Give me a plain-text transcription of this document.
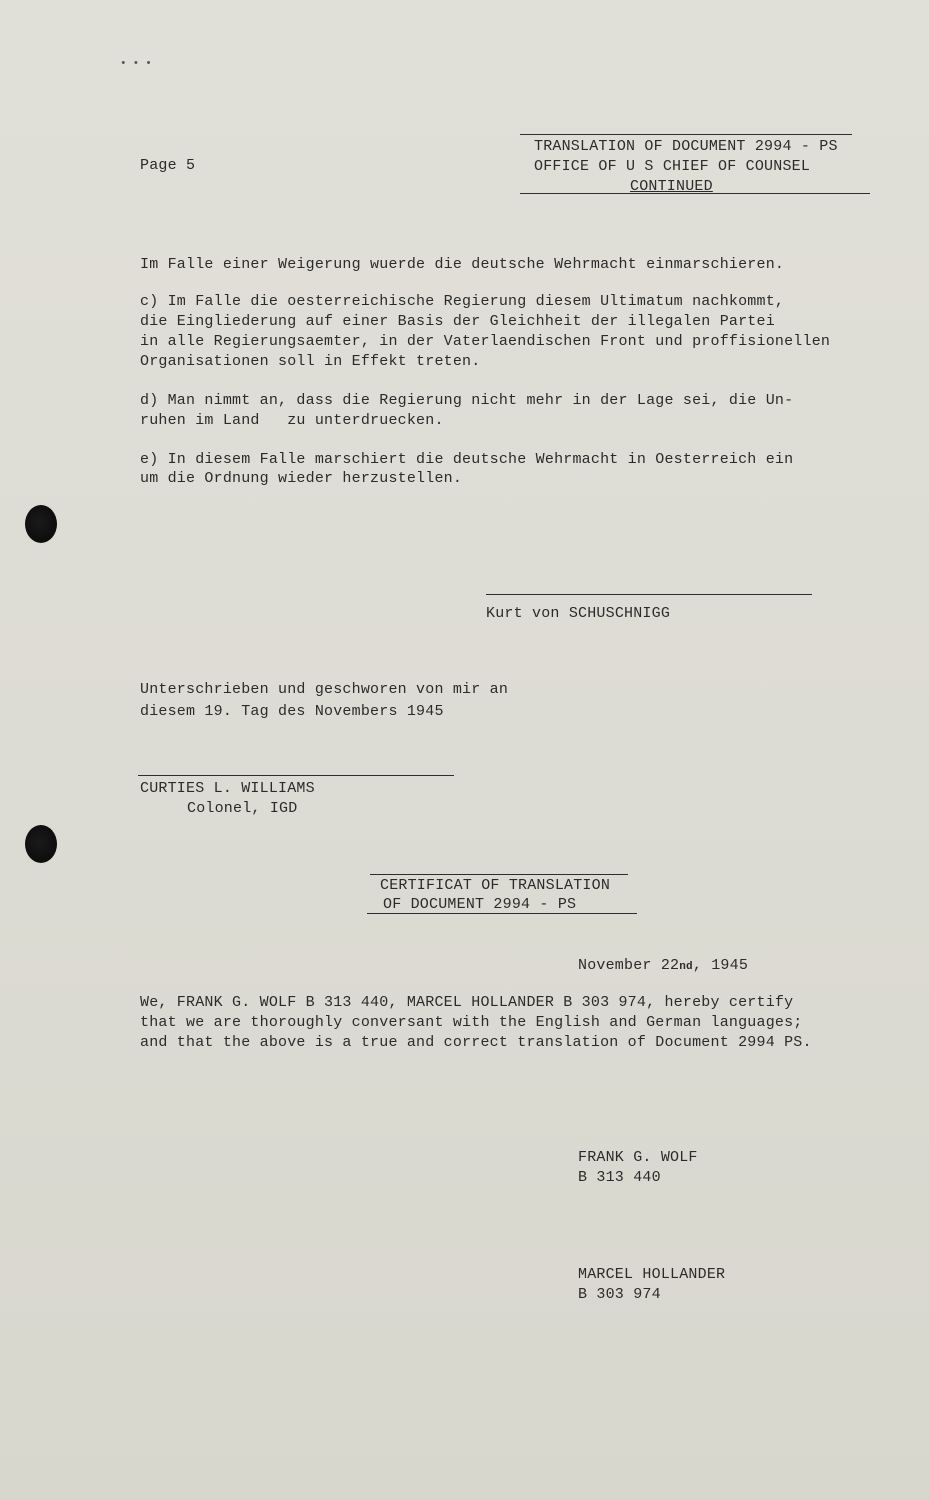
•••
Page 5
TRANSLATION OF DOCUMENT 2994 - PS
OFFICE OF U S CHIEF OF COUNSEL
CONTINUED
Im Falle einer Weigerung wuerde die deutsche Wehrmacht einmarschieren.
c) Im Falle die oesterreichische Regierung diesem Ultimatum nachkommt,
die Eingliederung auf einer Basis der Gleichheit der illegalen Partei
in alle Regierungsaemter, in der Vaterlaendischen Front und proffisionellen
Organisationen soll in Effekt treten.
d) Man nimmt an, dass die Regierung nicht mehr in der Lage sei, die Un-
ruhen im Land   zu unterdruecken.
e) In diesem Falle marschiert die deutsche Wehrmacht in Oesterreich ein
um die Ordnung wieder herzustellen.
Kurt von SCHUSCHNIGG
Unterschrieben und geschworen von mir an
diesem 19. Tag des Novembers 1945
CURTIES L. WILLIAMS
Colonel, IGD
CERTIFICAT OF TRANSLATION
OF DOCUMENT 2994 - PS
November 22nd, 1945
We, FRANK G. WOLF B 313 440, MARCEL HOLLANDER B 303 974, hereby certify
that we are thoroughly conversant with the English and German languages;
and that the above is a true and correct translation of Document 2994 PS.
FRANK G. WOLF
B 313 440
MARCEL HOLLANDER
B 303 974
